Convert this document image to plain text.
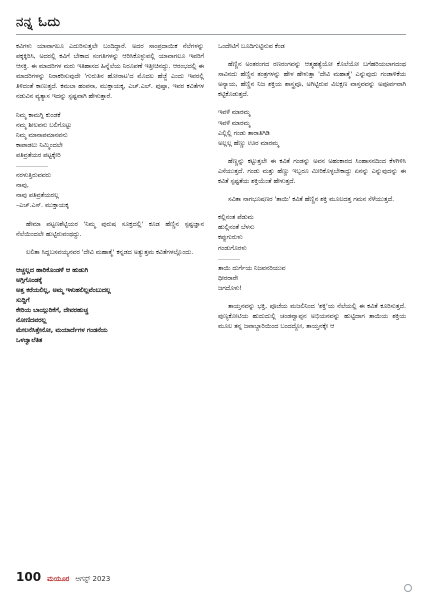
ನನ್ನ ಓದು

ಕವಿಗಳು ಯಾವಾಗಲೂ ಎದುರಿಸುತ್ತಲೇ ಬಂದಿದ್ದಾರೆ. ಅದರ ಸಾಂಪ್ರದಾಯಿಕ ನೆಲೆಗಳನ್ನು ಪಕ್ಕಕ್ಕಿರಿಸಿ, ಅದರಲ್ಲಿ ಕವಿಗೆ ಬೇಕಾದ ಸಂಗತಿಗಳನ್ನು ಆರಿಸಿಕೊಳ್ಳುವಲ್ಲಿ ಯಾವಾಗಲೂ ಇವರಿಗೆ ಆಸಕ್ತಿ. ಈ ಮಾದರಿಗಳ ಮರು ಇತಿಹಾಸದ ಹಿನ್ನೆಲೆಯ ನಿರೂಪಣೆ ಇತ್ತೀಚಿನದ್ದು. ಆರಂಭದಲ್ಲಿ ಈ ಮಾದರಿಗಳನ್ನು ನಿರಾಕರಿಸುವುದೇ 'ಗುರುತಿನ ಹೋರಾಟ'ದ ಮೊದಲ ಹೆಜ್ಜೆ ಎಂದು ಇವರಲ್ಲಿ ತಿಳಿದಂತೆ ಕಾಣುತ್ತದೆ. ಕಮಲಾ ಹಂಪನಾ, ಮುಕ್ತಾಯಕ್ಕ, ಎಚ್.ಎಲ್. ಪುಷ್ಪಾ, ಇವರ ಕವಿತೆಗಳ ನಡುವಿನ ವ್ಯತ್ಯಾಸ ಇದನ್ನು ಸ್ಪಷ್ಟವಾಗಿ ಹೇಳುತ್ತಾರೆ.

ನಿಮ್ಮ ಕಾಮಗ್ನಿ ಕುಂಡಕೆ
ನಮ್ಮ ಶೀಲವನು ಬಲಿಗೊಟ್ಟು
ನಿಮ್ಮ ಮಾನಾಪಮಾನವನು
ಕಾಪಾಡಲು ನಿಮ್ಮಿಂದಲೇ
ಪತಿವ್ರತೆಯರ ಪಟ್ಟಕ್ಕೇರಿ
................
ನರಳುತ್ತಿರುವವರು
ನಾವು,
ನಾವು ಪತಿವ್ರತೆಯರಲ್ಲ
–ಎಚ್.ಎಸ್. ಮುಕ್ತಾಯಕ್ಕ

ಹೇಮಾ ಪಟ್ಟಣಶೆಟ್ಟಿಯರ 'ನಿಮ್ಮ ಪುರುಷ ಸೂಕ್ತದಲ್ಲಿ' ಕೂಡ ಹೆಣ್ಣಿನ ಸ್ಪಷ್ಟಜ್ಞಾನ ನೆಲೆಯಿಂದಲೇ ಹುಟ್ಟಿರುವಂಥದ್ದು.

ಲಲಿತಾ ಸಿದ್ದಬಸವಯ್ಯನವರ 'ದೇವಿ ಮಹಾತ್ಮೆ' ಕನ್ನಡದ ಅತ್ಯುತ್ತಮ ಕವಿತೆಗಳಲ್ಲೊಂದು.

ಆಚ್ಚಲ್ಲದ ಹಾರಿಕೊಂಡಳೆ ಆ ಹುಡುಗಿ
ಅಗ್ಗಿಗೊಂಡಕ್ಕೆ
ಅತ್ತ ಕರೆಯಲಿಲ್ಲ, ಅಮ್ಮ ಇಳುಹಲಿಲ್ಲವೆಂಬುದಲ್ಲ
ಸುದ್ದಿಗೆ
ಕೇರಿಯ ಬಾಯ್ಗುರಿಕೆಗೆ, ದೇವರಹುಚ್ಚ
ನೋಣಿದವರಲ್ಲ
ಮೇಲನೆಸಿತ್ತೇನೋ, ಮಯಾರ್ದೆಗಳ ಗಂಡನೆಯ
ಒಳಜ್ವಾಲೆತಿತ

ಒಂದೇಟಿಗೆ ಬೂದಿಗುಟ್ಟಿನುವ ಕೆಂಡ

ಹೆಣ್ಣಿನ ಅಂತರಂಗದ ರಣರಂಗವನ್ನು ಆತ್ಮಹತ್ಯೆಯೋ ಕೊಲೆಯೋ ಬಗೆಹರಿಯಲಾಗದಂಥ ಸಾವಿನದು ಹೆಣ್ಣಿನ ತಂತ್ರಗಳನ್ನು ಹೇಳ ಹೇಳುತ್ತಾ 'ದೇವಿ ಮಹಾತ್ಮೆ' ಎನ್ನುವುದು ಗಂಡಾಳಿಕೆಯ ಅನ್ಯಾಯ, ಹೆಣ್ಣಿನ ನಿಜ ಶಕ್ತಿಯ ಶಾಸ್ತ್ರವೂ, ಅಗಿಟ್ಟಿರುವ ವಿಲಕ್ಷಣ ವಾಸ್ತವವನ್ನು ಅಪೂರ್ವವಾಗಿ ಕಟ್ಟಿಕೊಡುತ್ತದೆ.

ಇವಳೆ ಮಾರಮ್ಮ
ಇವಳೆ ಮಾರಮ್ಮ
ಎಲ್ಲಿಲ್ಲಿ ಗಂಡು ತಾರಾತಿಗಿಡಿ
ಅಲ್ಲಲ್ಲ ಹೆಣ್ಣು ಊರ ಮಾರಮ್ಮ

ಹೆಣ್ಣನ್ನು ಕಟ್ಟುತ್ತಲೇ ಈ ಕವಿತೆ ಗಂಡನ್ನು ಅವನ ಅಹಂಕಾರದ ಸಿಂಹಾಸನದಿಂದ ಕೆಳಗಿಳಿಸಿ ಎಸೆಯುತ್ತದೆ. ಗಂಡು ಮತ್ತು ಹೆಣ್ಣು ಇಬ್ಬರೂ ಮೀರಿಕೊಳ್ಳಬೇಕಾದ್ದು ಏನನ್ನು ಎನ್ನುವುದನ್ನು ಈ ಕವಿತೆ ಸ್ಪಷ್ಟತೆಯ ಶಕ್ತಿಯೆಂತೆ ಹೇಳುತ್ತದೆ.

ಸವಿತಾ ನಾಗಭೂಷಣರ 'ತಾಯಿ' ಕವಿತೆ ಹೆಣ್ಣಿನ ಶಕ್ತಿ ಮೂಲದತ್ತ ಗಮನ ಸೆಳೆಯುತ್ತದೆ.

ಕಲ್ಲಿನಂತ ಪೆಡುಮ
ಹುಲ್ಲಿನಂತೆ ಬೆಳಸು
ಕಪ್ಪುಗುರುಳು
ಗಂಡುಗೊರಳು
...........
ತಾಯಿ ದುರ್ಗೆಯ ನಿಜವನರಿಯುವ
ಧೀರರಾರೇ
ಜಗದೊಳು!

ತಾಯ್ತನವನ್ನು ಭಕ್ತಿ, ಪೂಜೆಯ ಮಜಲಿನಿಂದ 'ಶಕ್ತಿ'ಯ ನೆಲೆಯಲ್ಲಿ ಈ ಕವಿತೆ ಕೂರಿಸುತ್ತದೆ. ಪುಣ್ಯಕೋಟಿಯ ಹುದುದುಲ್ಲಿ ಚಂಡವ್ವಾಪ್ಪನ ಅಭಿಯನವನ್ನು ಹುಟ್ಟಿದಾಗ ತಾಯಿಯ ಶಕ್ತಿಯ ಮೂಲ ತನ್ನ ಜವಾಬ್ದಾರಿಯಿಂದ ಬಂದದ್ದೋ, ತಾಯ್ತನಕ್ಕೇ ಆ

100 ಮಯೂರ ಆಗಸ್ಟ್ 2023
